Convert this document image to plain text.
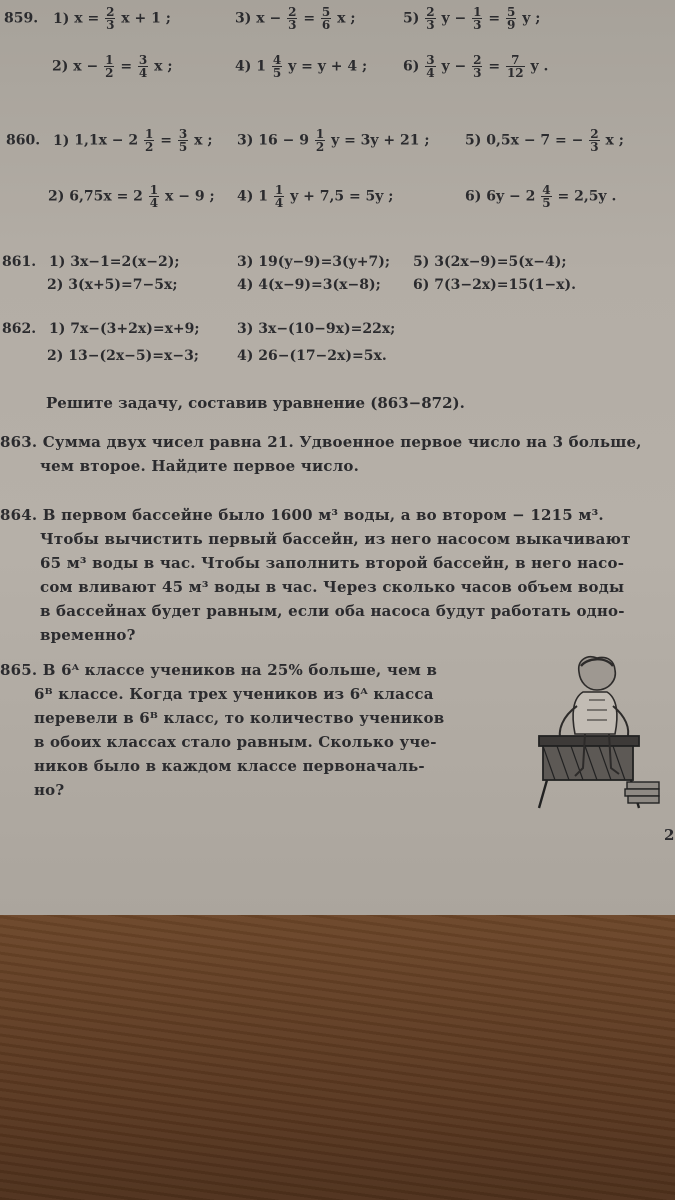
859. 1) $x = \frac{2}{3}$ x + 1 ;	3) $x - \frac{2}{3} = \frac{5}{6}$ x ;	$5) \frac{2}{3}$ $y - \frac{1}{3} = \frac{5}{9}$ y ;
2) $x - \frac{1}{2} = \frac{3}{4}$ x ;	4) $1 \frac{4}{5}$ y = y + 4 ;	$6) \frac{3}{4}$ $y - \frac{2}{3} = \frac{7}{12}$ y .
860. 1) $1,1x - 2 \frac{1}{2} = \frac{3}{5}$ x ; 3) $16 - 9 \frac{1}{2}$ y = 3y + 21 ;	5) 0,5x − 7 = − $\frac{2}{3}$ x ;
2) $6,75x = 2 \frac{1}{4}$ x − 9 ; 4) $1 \frac{1}{4}$ y + 7,5 = 5y ;	6) $6y - 2 \frac{4}{5} = 2,5y$ .
861. 1) 3x−1=2(x−2);	3) 19(y−9)=3(y+7); 5) 3(2x−9)=5(x−4);
2) 3(x+5)=7−5x;	4) 4(x−9)=3(x−8); 6) 7(3−2x)=15(1−x).
862. 1) 7x−(3+2x)=x+9;	3) 3x−(10−9x)=22x;
2) 13−(2x−5)=x−3;	4) 26−(17−2x)=5x.
Решите задачу, составив уравнение (863−872).
863. Сумма двух чисел равна 21. Удвоенное первое число на 3 больше,
чем второе. Найдите первое число.
864. В первом бассейне было 1600 м³ воды, а во втором − 1215 м³.
Чтобы вычистить первый бассейн, из него насосом выкачивают
65 м³ воды в час. Чтобы заполнить второй бассейн, в него насо-
сом вливают 45 м³ воды в час. Через сколько часов объем воды
в бассейнах будет равным, если оба насоса будут работать одно-
временно?
865. В 6ᴬ классе учеников на 25% больше, чем в
6ᴮ классе. Когда трех учеников из 6ᴬ класса
перевели в 6ᴮ класс, то количество учеников
в обоих классах стало равным. Сколько уче-
ников было в каждом классе первоначаль-
но?
2
